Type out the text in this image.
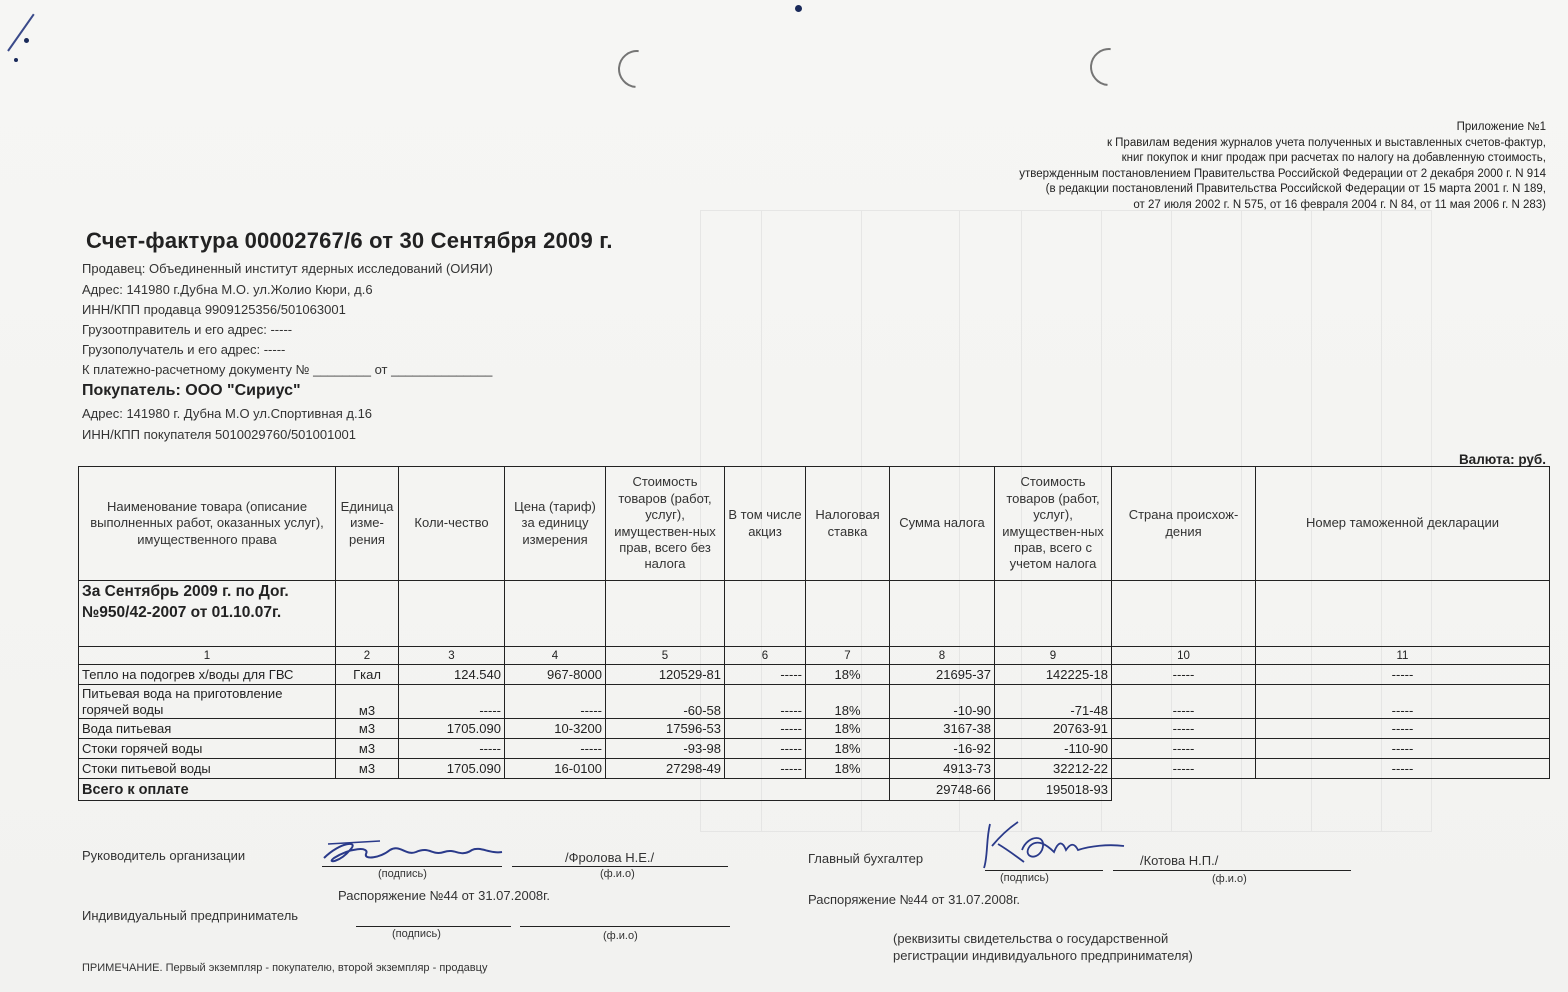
Приложение №1
к Правилам ведения журналов учета полученных и выставленных счетов-фактур,
книг покупок и книг продаж при расчетах по налогу на добавленную стоимость,
утвержденным постановлением Правительства Российской Федерации от 2 декабря 2000 г. N 914
(в редакции постановлений Правительства Российской Федерации от 15 марта 2001 г. N 189,
от 27 июля 2002 г. N 575, от 16 февраля 2004 г. N 84, от 11 мая 2006 г. N 283)
Счет-фактура 00002767/6 от 30 Сентября 2009 г.
Продавец: Объединенный институт ядерных исследований (ОИЯИ)
Адрес: 141980 г.Дубна М.О. ул.Жолио Кюри, д.6
ИНН/КПП продавца 9909125356/501063001
Грузоотправитель и его адрес: -----
Грузополучатель и его адрес: -----
К платежно-расчетному документу № ________ от ______________
Покупатель: ООО "Сириус"
Адрес: 141980 г. Дубна М.О ул.Спортивная д.16
ИНН/КПП покупателя 5010029760/501001001
Валюта: руб.
Наименование товара (описание выполненных работ, оказанных услуг), имущественного права	Единица изме-рения	Коли-чество	Цена (тариф) за единицу измерения	Стоимость товаров (работ, услуг), имуществен-ных прав, всего без налога	В том числе акциз	Налоговая ставка	Сумма налога	Стоимость товаров (работ, услуг), имуществен-ных прав, всего с учетом налога	Страна происхож-дения	Номер таможенной декларации
За Сентябрь 2009 г. по Дог.№950/42-2007 от 01.10.07г.										
1	2	3	4	5	6	7	8	9	10	11
Тепло на подогрев х/воды для ГВС	Гкал	124.540	967-8000	120529-81	-----	18%	21695-37	142225-18	-----	-----
Питьевая вода на приготовление горячей воды	м3	-----	-----	-60-58	-----	18%	-10-90	-71-48	-----	-----
Вода питьевая	м3	1705.090	10-3200	17596-53	-----	18%	3167-38	20763-91	-----	-----
Стоки горячей воды	м3	-----	-----	-93-98	-----	18%	-16-92	-110-90	-----	-----
Стоки питьевой воды	м3	1705.090	16-0100	27298-49	-----	18%	4913-73	32212-22	-----	-----
Всего к оплате							29748-66	195018-93		
Руководитель организации	/Фролова Н.Е./
(подпись)	(ф.и.о)
Распоряжение №44 от 31.07.2008г.
Главный бухгалтер	/Котова Н.П./
(подпись)	(ф.и.о)
Распоряжение №44 от 31.07.2008г.
Индивидуальный предприниматель
(подпись)	(ф.и.о)	(реквизиты свидетельства о государственной регистрации индивидуального предпринимателя)
ПРИМЕЧАНИЕ. Первый экземпляр - покупателю, второй экземпляр - продавцу
